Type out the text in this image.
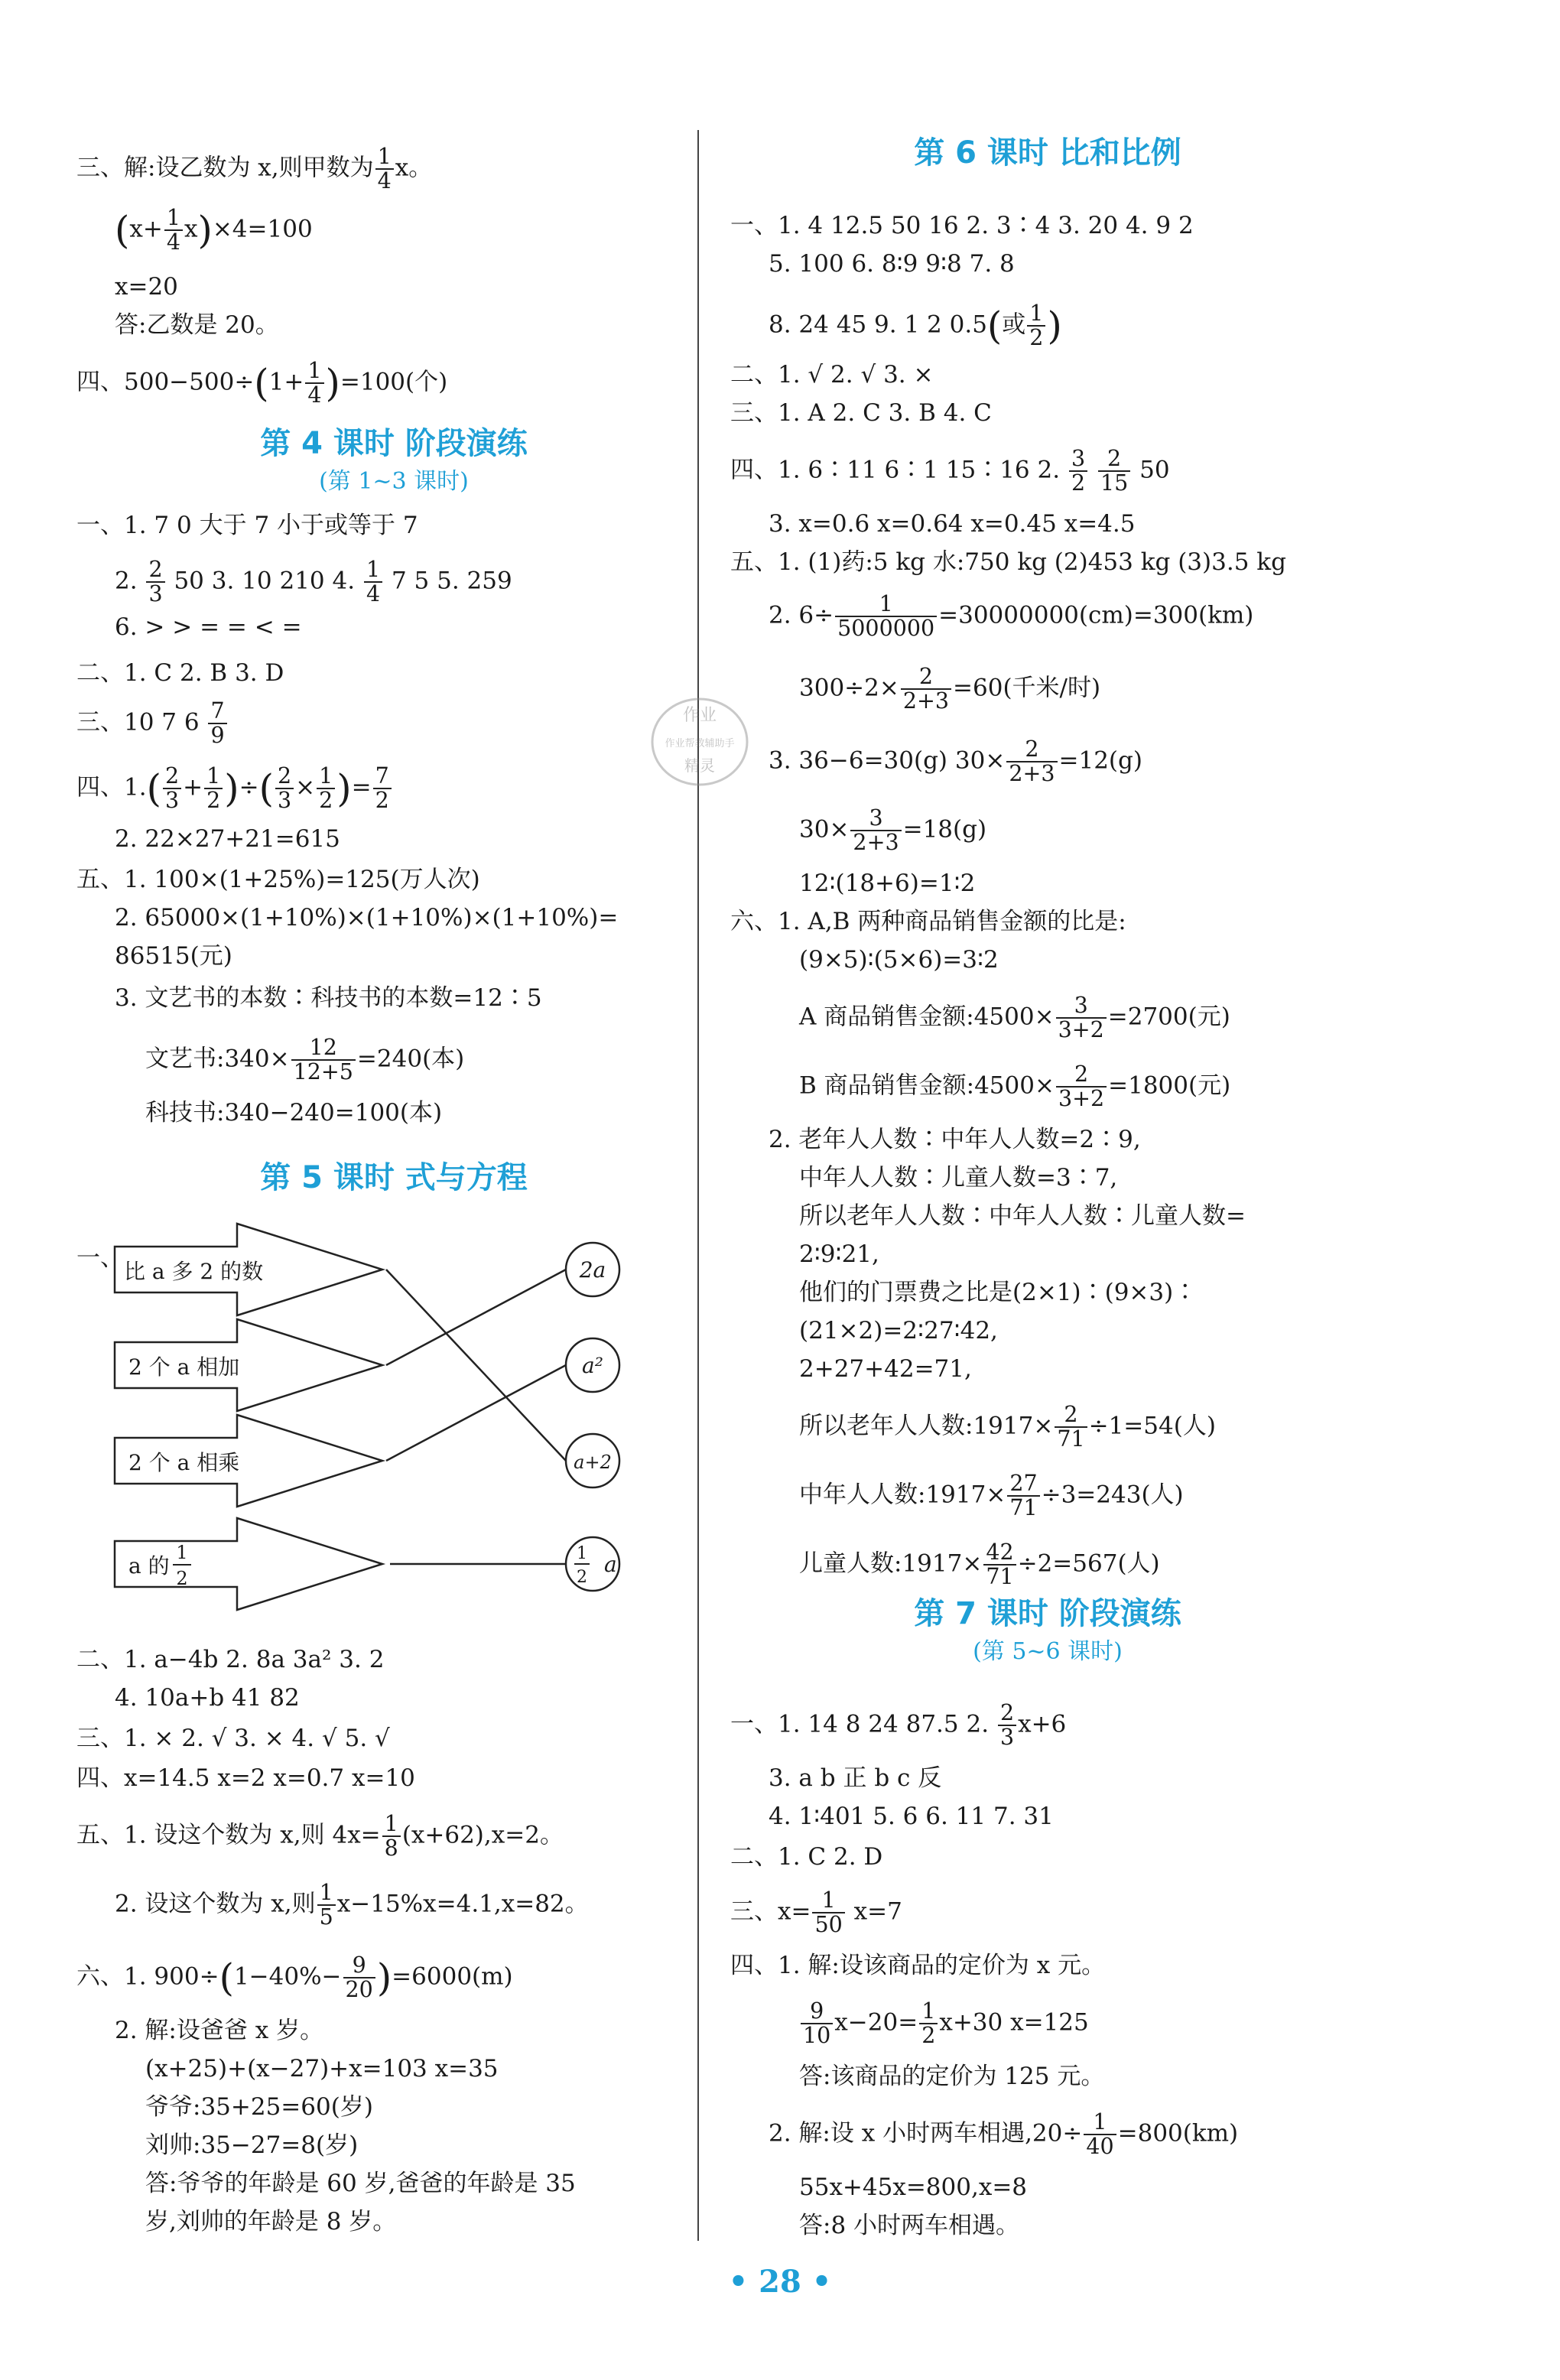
三、解:设乙数为 x,则甲数为 $\frac{1}{4}$ x。
$(x+ \frac{1}{4} x)\times 4=100$
x=20
答:乙数是 20。
四、$500-500\div(1+ \frac{1}{4} )=100$(个)
第 4 课时 阶段演练
(第 1~3 课时)
一、1. 7 0 大于 7 小于或等于 7
2. $\frac{2}{3} 50$ 3. 10 210 4. $\frac{1}{4} 7$ 5 5. 259
6. > > = = < =
二、1. C 2. B 3. D
三、10 7 $6 \frac{7}{9}$
四、$1.( \frac{2}{3} + \frac{1}{2}$ )÷( $\frac{2}{3} \times \frac{1}{2}$ )= $\frac{7}{2}$
2. 22×27+21=615
五、1. 100×(1+25%)=125(万人次)
2. 65000×(1+10%)×(1+10%)×(1+10%)=
86515(元)
3. 文艺书的本数∶科技书的本数=12∶5
文艺书:340× $\frac{12}{12+5} =240$(本)
科技书:340−240=100(本)
第 5 课时 式与方程
一、 比 a 多 2 的数
2 个 a 相加
2 个 a 相乘
a 的
1
2
2a
a²
a+2
1
2
a
二、1. a−4b 2. 8a 3a² 3. 2
4. 10a+b 41 82
三、1. × 2. √ 3. × 4. √ 5. √
四、x=14.5 x=2 x=0.7 x=10
五、1. 设这个数为 x,则 $4x= \frac{1}{8} (x+62),x=2$。
2. 设这个数为 x,则 $\frac{1}{5} x-15\%x=4.1,x=82$。
六、1. $900\div(1-40\%- \frac{9}{20} )=6000(m)$
2. 解:设爸爸 x 岁。
(x+25)+(x−27)+x=103 x=35
爷爷:35+25=60(岁)
刘帅:35−27=8(岁)
答:爷爷的年龄是 60 岁,爸爸的年龄是 35
岁,刘帅的年龄是 8 岁。
第 6 课时 比和比例
一、1. 4 12.5 50 16 2. 3∶4 3. 20 4. 9 2
5. 100 6. 8∶9 9∶8 7. 8
8. 24 45 9. 1 2 0.5(或 $\frac{1}{2}$ )
二、1. √ 2. √ 3. ×
三、1. A 2. C 3. B 4. C
四、1. 6∶11 6∶1 15∶16 2. $\frac{3}{2}$
$\frac{2}{15} 50$
3. x=0.6 x=0.64 x=0.45 x=4.5
五、1. (1)药:5 kg 水:750 kg (2)453 kg (3)3.5 kg
2. $6\div \frac{1}{5000000} =30000000(cm)=300(km)$
$300\div 2\times \frac{2}{2+3} =60$(千米/时)
3. 36−6=30(g) $30\times \frac{2}{2+3} =12(g)$
$30\times \frac{3}{2+3} =18(g)$
12∶(18+6)=1∶2
六、1. A,B 两种商品销售金额的比是:
(9×5)∶(5×6)=3∶2
A 商品销售金额:4500× $\frac{3}{3+2} =2700$(元)
B 商品销售金额:4500× $\frac{2}{3+2} =1800$(元)
2. 老年人人数∶中年人人数=2∶9,
中年人人数∶儿童人数=3∶7,
所以老年人人数∶中年人人数∶儿童人数=
2∶9∶21,
他们的门票费之比是(2×1)∶(9×3)∶
(21×2)=2∶27∶42,
2+27+42=71,
所以老年人人数:1917× $\frac{2}{71} \div 1=54$(人)
中年人人数:1917× $\frac{27}{71} \div 3=243$(人)
儿童人数:1917× $\frac{42}{71} \div 2=567$(人)
第 7 课时 阶段演练
(第 5~6 课时)
一、1. 14 8 24 87.5 2. $\frac{2}{3} x+6$
3. a b 正 b c 反
4. 1∶401 5. 6 6. 11 7. 31
二、1. C 2. D
三、$x= \frac{1}{50} x=7$
四、1. 解:设该商品的定价为 x 元。
$\frac{9}{10} x-20= \frac{1}{2} x+30$ x=125
答:该商品的定价为 125 元。
2. 解:设 x 小时两车相遇$,20\div \frac{1}{40} =800(km)$
55x+45x=800,x=8
答:8 小时两车相遇。
作业
作业帮教辅助手
精灵
• 28 •
